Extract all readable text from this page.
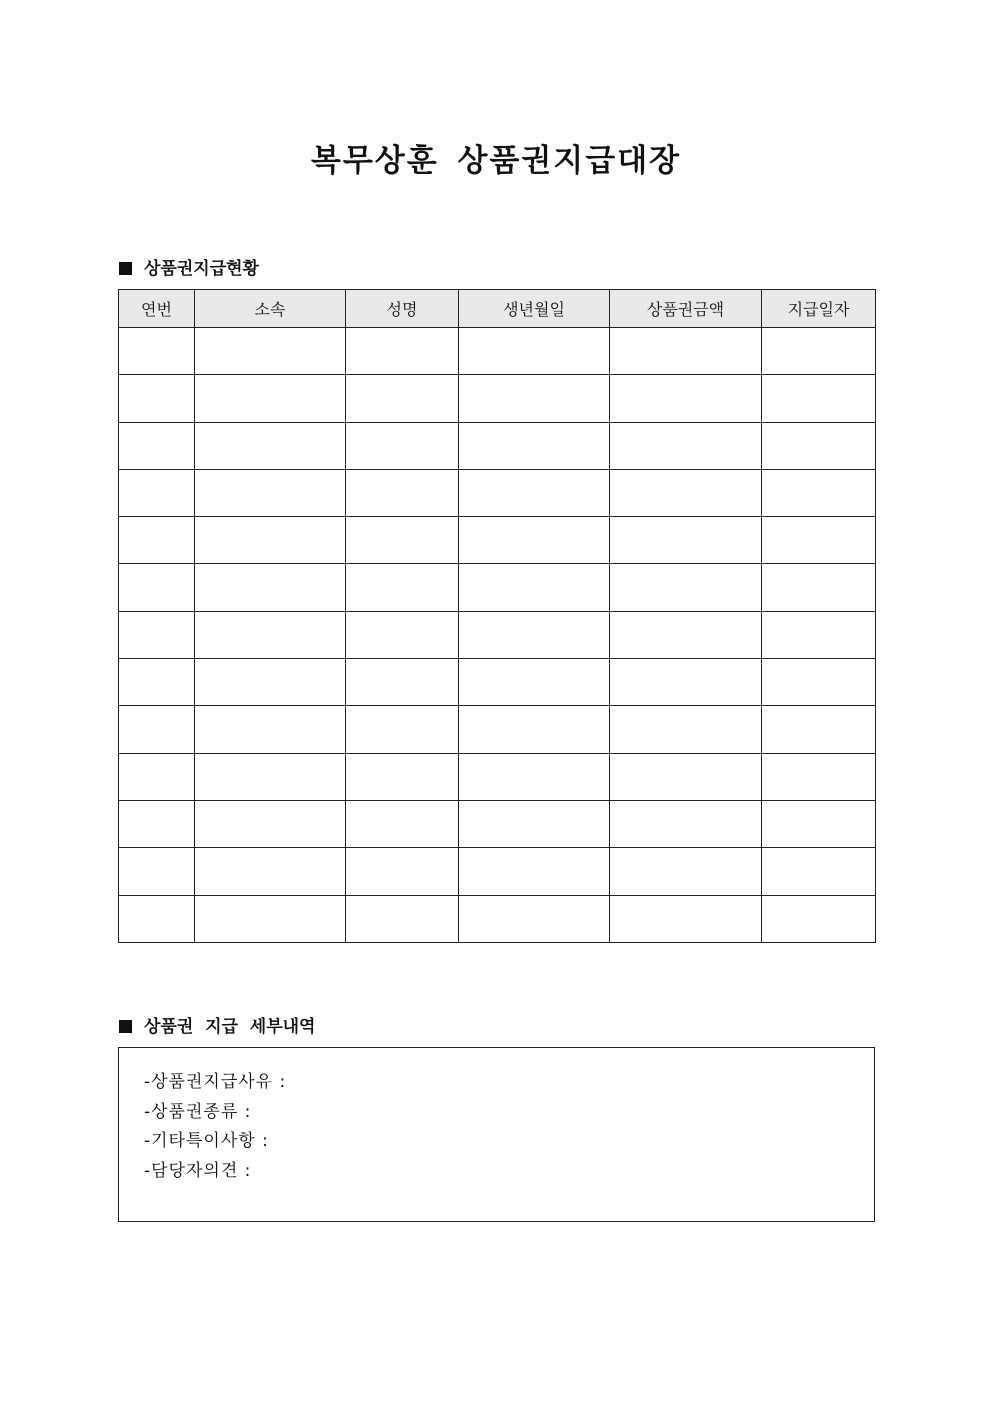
복무상훈 상품권지급대장
상품권지급현황
연번	소속	성명	생년월일	상품권금액	지급일자

상품권  지급  세부내역
-상품권지급사유 :
-상품권종류 :
-기타특이사항 :
-담당자의견 :
